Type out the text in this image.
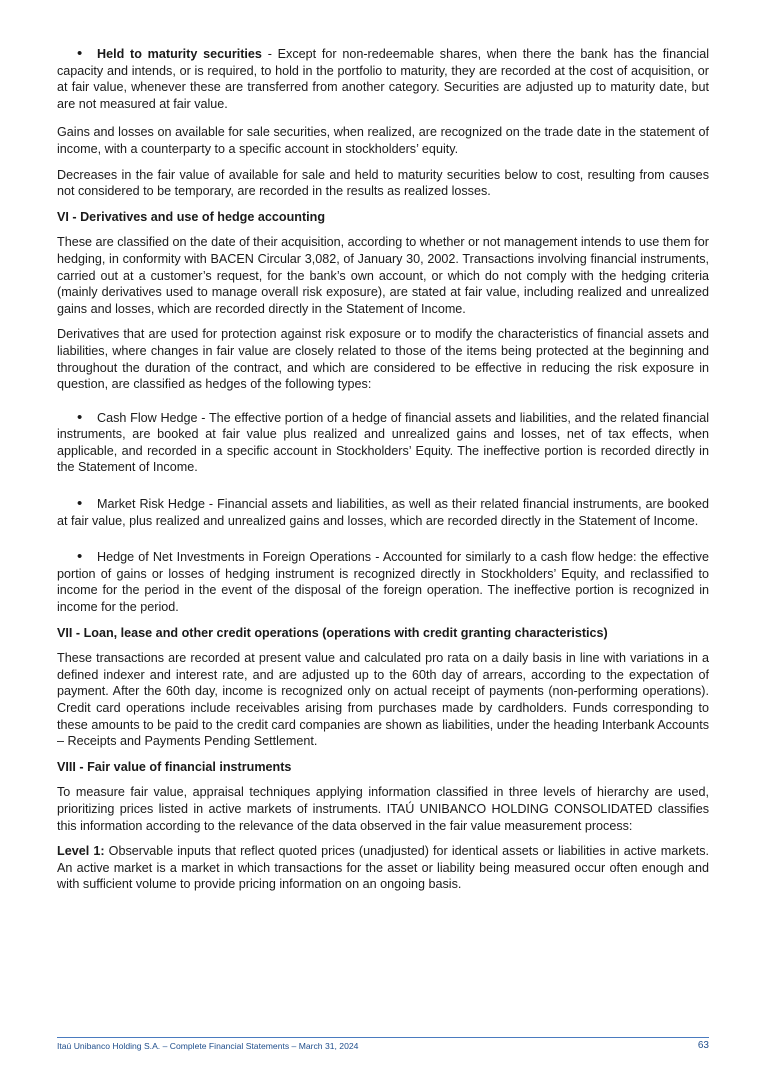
• Held to maturity securities - Except for non-redeemable shares, when there the bank has the financial capacity and intends, or is required, to hold in the portfolio to maturity, they are recorded at the cost of acquisition, or at fair value, whenever these are transferred from another category. Securities are adjusted up to maturity date, but are not measured at fair value.

Gains and losses on available for sale securities, when realized, are recognized on the trade date in the statement of income, with a counterparty to a specific account in stockholders’ equity.

Decreases in the fair value of available for sale and held to maturity securities below to cost, resulting from causes not considered to be temporary, are recorded in the results as realized losses.

VI - Derivatives and use of hedge accounting

These are classified on the date of their acquisition, according to whether or not management intends to use them for hedging, in conformity with BACEN Circular 3,082, of January 30, 2002. Transactions involving financial instruments, carried out at a customer’s request, for the bank’s own account, or which do not comply with the hedging criteria (mainly derivatives used to manage overall risk exposure), are stated at fair value, including realized and unrealized gains and losses, which are recorded directly in the Statement of Income.

Derivatives that are used for protection against risk exposure or to modify the characteristics of financial assets and liabilities, where changes in fair value are closely related to those of the items being protected at the beginning and throughout the duration of the contract, and which are considered to be effective in reducing the risk exposure in question, are classified as hedges of the following types:

• Cash Flow Hedge - The effective portion of a hedge of financial assets and liabilities, and the related financial instruments, are booked at fair value plus realized and unrealized gains and losses, net of tax effects, when applicable, and recorded in a specific account in Stockholders’ Equity. The ineffective portion is recorded directly in the Statement of Income.

• Market Risk Hedge - Financial assets and liabilities, as well as their related financial instruments, are booked at fair value, plus realized and unrealized gains and losses, which are recorded directly in the Statement of Income.

• Hedge of Net Investments in Foreign Operations - Accounted for similarly to a cash flow hedge: the effective portion of gains or losses of hedging instrument is recognized directly in Stockholders’ Equity, and reclassified to income for the period in the event of the disposal of the foreign operation. The ineffective portion is recognized in income for the period.

VII - Loan, lease and other credit operations (operations with credit granting characteristics)

These transactions are recorded at present value and calculated pro rata on a daily basis in line with variations in a defined indexer and interest rate, and are adjusted up to the 60th day of arrears, according to the expectation of payment. After the 60th day, income is recognized only on actual receipt of payments (non-performing operations). Credit card operations include receivables arising from purchases made by cardholders. Funds corresponding to these amounts to be paid to the credit card companies are shown as liabilities, under the heading Interbank Accounts – Receipts and Payments Pending Settlement.

VIII - Fair value of financial instruments

To measure fair value, appraisal techniques applying information classified in three levels of hierarchy are used, prioritizing prices listed in active markets of instruments. ITAÚ UNIBANCO HOLDING CONSOLIDATED classifies this information according to the relevance of the data observed in the fair value measurement process:

Level 1: Observable inputs that reflect quoted prices (unadjusted) for identical assets or liabilities in active markets. An active market is a market in which transactions for the asset or liability being measured occur often enough and with sufficient volume to provide pricing information on an ongoing basis.

Itaú Unibanco Holding S.A. – Complete Financial Statements – March 31, 2024	63
